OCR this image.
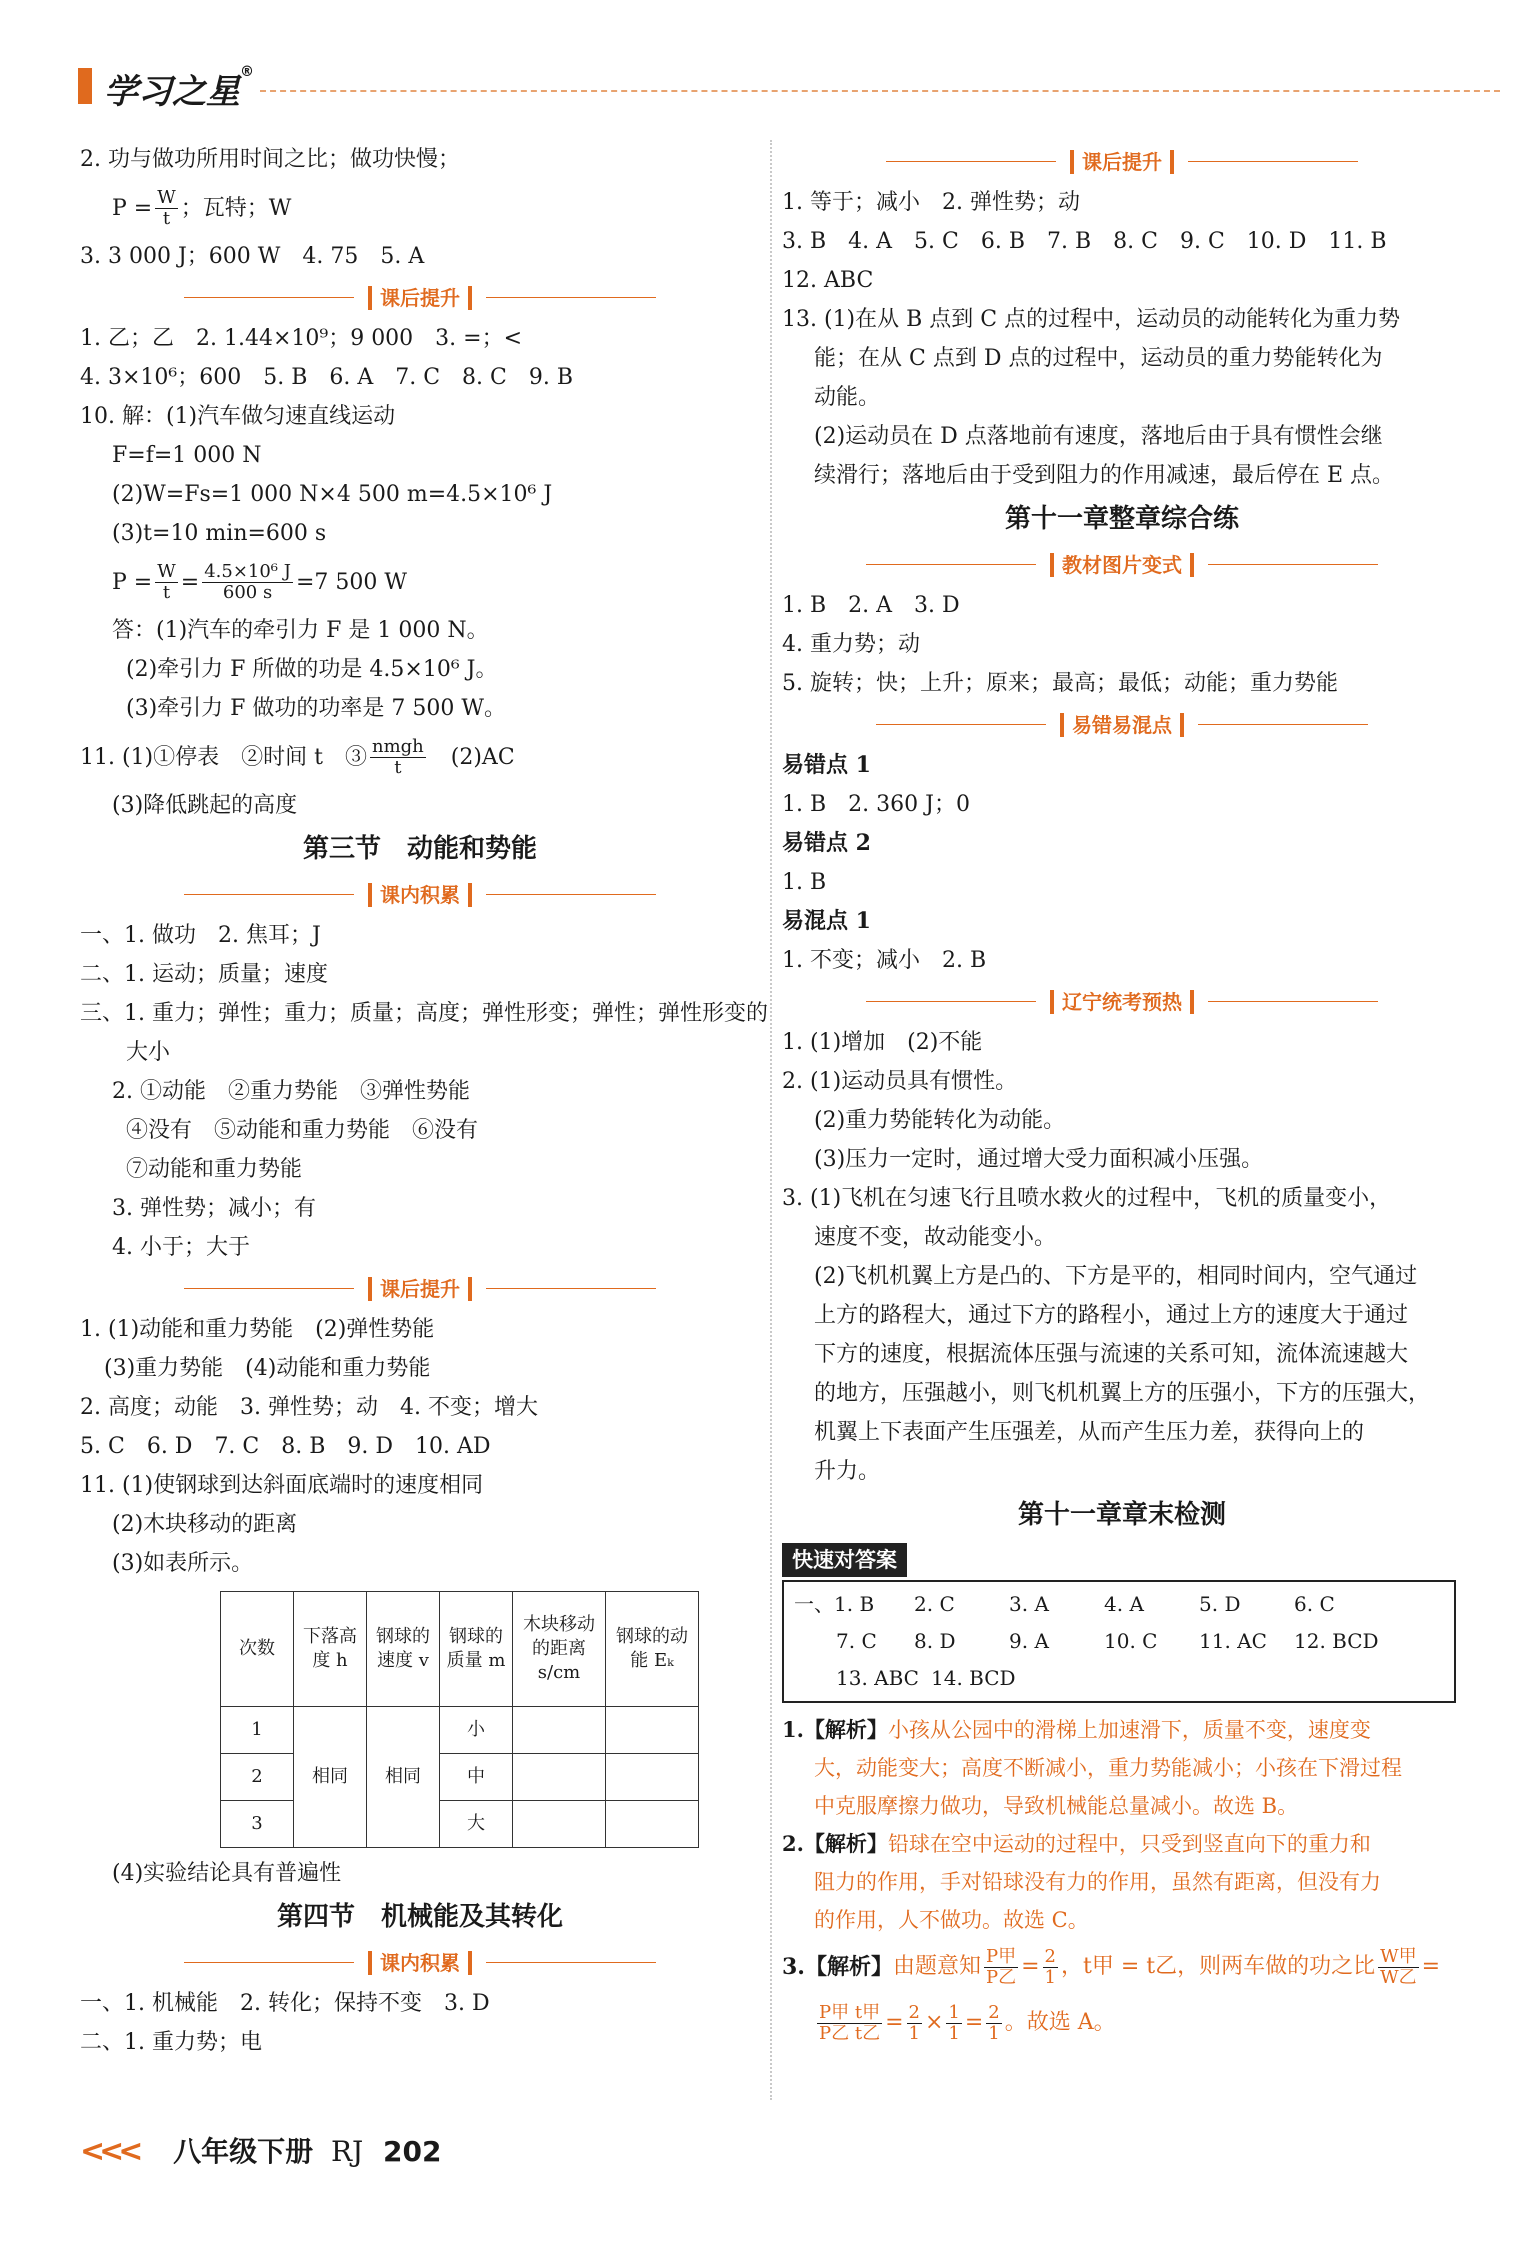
学习之星®
2. 功与做功所用时间之比；做功快慢；
$P = \frac{W}{t}$ ；瓦特；W
3. 3 000 J；600 W　4. 75　5. A
课后提升
1. 乙；乙　2. 1.44×10⁹；9 000　3. =；<
4. 3×10⁶；600　5. B　6. A　7. C　8. C　9. B
10. 解：(1)汽车做匀速直线运动
F=f=1 000 N
(2)W=Fs=1 000 N×4 500 m=4.5×10⁶ J
(3)t=10 min=600 s
$P = \frac{W}{t} = \frac{\text{4.5×10⁶ J}}{600 s} =7$ 500 W
答：(1)汽车的牵引力 F 是 1 000 N。
(2)牵引力 F 所做的功是 4.5×10⁶ J。
(3)牵引力 F 做功的功率是 7 500 W。
11. (1)①停表　②时间 t　③ $\frac{\text{nmgh}}{t}$ 　(2)AC
(3)降低跳起的高度
第三节　动能和势能
课内积累
一、1. 做功　2. 焦耳；J
二、1. 运动；质量；速度
三、1. 重力；弹性；重力；质量；高度；弹性形变；弹性；弹性形变的
大小
2. ①动能　②重力势能　③弹性势能
④没有　⑤动能和重力势能　⑥没有
⑦动能和重力势能
3. 弹性势；减小；有
4. 小于；大于
课后提升
1. (1)动能和重力势能　(2)弹性势能
(3)重力势能　(4)动能和重力势能
2. 高度；动能　3. 弹性势；动　4. 不变；增大
5. C　6. D　7. C　8. B　9. D　10. AD
11. (1)使钢球到达斜面底端时的速度相同
(2)木块移动的距离
(3)如表所示。
次数	下落高度 h	钢球的速度 v	钢球的质量 m	木块移动的距离 s/cm	钢球的动能 Eₖ
1	相同	相同	小		
2			中		
3			大		
(4)实验结论具有普遍性
第四节　机械能及其转化
课内积累
一、1. 机械能　2. 转化；保持不变　3. D
二、1. 重力势；电
课后提升
1. 等于；减小　2. 弹性势；动
3. B　4. A　5. C　6. B　7. B　8. C　9. C　10. D　11. B
12. ABC
13. (1)在从 B 点到 C 点的过程中，运动员的动能转化为重力势
能；在从 C 点到 D 点的过程中，运动员的重力势能转化为
动能。
(2)运动员在 D 点落地前有速度，落地后由于具有惯性会继
续滑行；落地后由于受到阻力的作用减速，最后停在 E 点。
第十一章整章综合练
教材图片变式
1. B　2. A　3. D
4. 重力势；动
5. 旋转；快；上升；原来；最高；最低；动能；重力势能
易错易混点
易错点 1
1. B　2. 360 J；0
易错点 2
1. B
易混点 1
1. 不变；减小　2. B
辽宁统考预热
1. (1)增加　(2)不能
2. (1)运动员具有惯性。
(2)重力势能转化为动能。
(3)压力一定时，通过增大受力面积减小压强。
3. (1)飞机在匀速飞行且喷水救火的过程中，飞机的质量变小，
速度不变，故动能变小。
(2)飞机机翼上方是凸的、下方是平的，相同时间内，空气通过
上方的路程大，通过下方的路程小，通过上方的速度大于通过
下方的速度，根据流体压强与流速的关系可知，流体流速越大
的地方，压强越小，则飞机机翼上方的压强小，下方的压强大，
机翼上下表面产生压强差，从而产生压力差，获得向上的
升力。
第十一章章末检测
快速对答案
一、1. B 2. C	3. A	4. A	5. D	6. C
7. C 8. D	9. A	10. C 11. AC 12. BCD
13. ABC 14. BCD
1.【解析】小孩从公园中的滑梯上加速滑下，质量不变，速度变
大，动能变大；高度不断减小，重力势能减小；小孩在下滑过程
中克服摩擦力做功，导致机械能总量减小。故选 B。
2.【解析】铅球在空中运动的过程中，只受到竖直向下的重力和
阻力的作用，手对铅球没有力的作用，虽然有距离，但没有力
的作用，人不做功。故选 C。
3.【解析】 由题意知 $\frac{\text{P甲}}{\text{P乙}} = \frac{2}{1}$ ，t甲 = t乙，则两车做的功之比 $\frac{\text{W甲}}{\text{W乙}}$ =
$\frac{\text{P甲 t甲}}{\text{P乙 t乙}} = \frac{2}{1} \times \frac{1}{1} = \frac{2}{1}$ 。故选 A。
<<< 八年级下册 RJ 202
